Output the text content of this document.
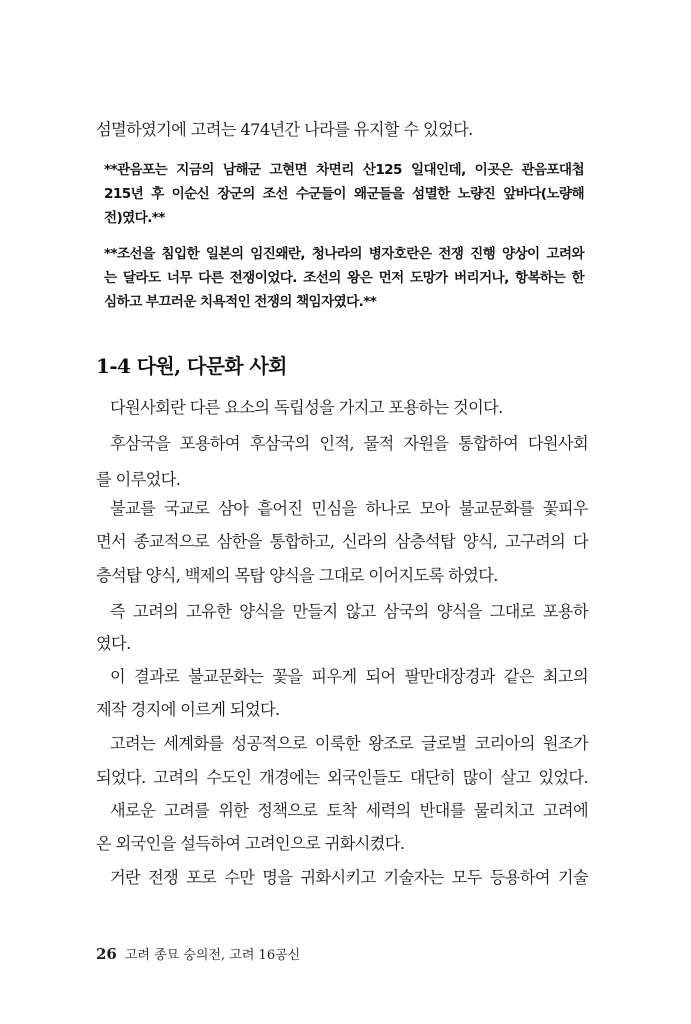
섬멸하였기에 고려는 474년간 나라를 유지할 수 있었다.
**관음포는 지금의 남해군 고현면 차면리 산125 일대인데, 이곳은 관음포대첩
215년 후 이순신 장군의 조선 수군들이 왜군들을 섬멸한 노량진 앞바다(노량해
전)였다.**
**조선을 침입한 일본의 임진왜란, 청나라의 병자호란은 전쟁 진행 양상이 고려와
는 달라도 너무 다른 전쟁이었다. 조선의 왕은 먼저 도망가 버리거나, 항복하는 한
심하고 부끄러운 치욕적인 전쟁의 책임자였다.**
1-4 다원, 다문화 사회
다원사회란 다른 요소의 독립성을 가지고 포용하는 것이다.
후삼국을 포용하여 후삼국의 인적, 물적 자원을 통합하여 다원사회
를 이루었다.
불교를 국교로 삼아 흩어진 민심을 하나로 모아 불교문화를 꽃피우
면서 종교적으로 삼한을 통합하고, 신라의 삼층석탑 양식, 고구려의 다
층석탑 양식, 백제의 목탑 양식을 그대로 이어지도록 하였다.
즉 고려의 고유한 양식을 만들지 않고 삼국의 양식을 그대로 포용하
였다.
이 결과로 불교문화는 꽃을 피우게 되어 팔만대장경과 같은 최고의
제작 경지에 이르게 되었다.
고려는 세계화를 성공적으로 이룩한 왕조로 글로벌 코리아의 원조가
되었다. 고려의 수도인 개경에는 외국인들도 대단히 많이 살고 있었다.
새로운 고려를 위한 정책으로 토착 세력의 반대를 물리치고 고려에
온 외국인을 설득하여 고려인으로 귀화시켰다.
거란 전쟁 포로 수만 명을 귀화시키고 기술자는 모두 등용하여 기술
26 고려 종묘 숭의전, 고려 16공신
